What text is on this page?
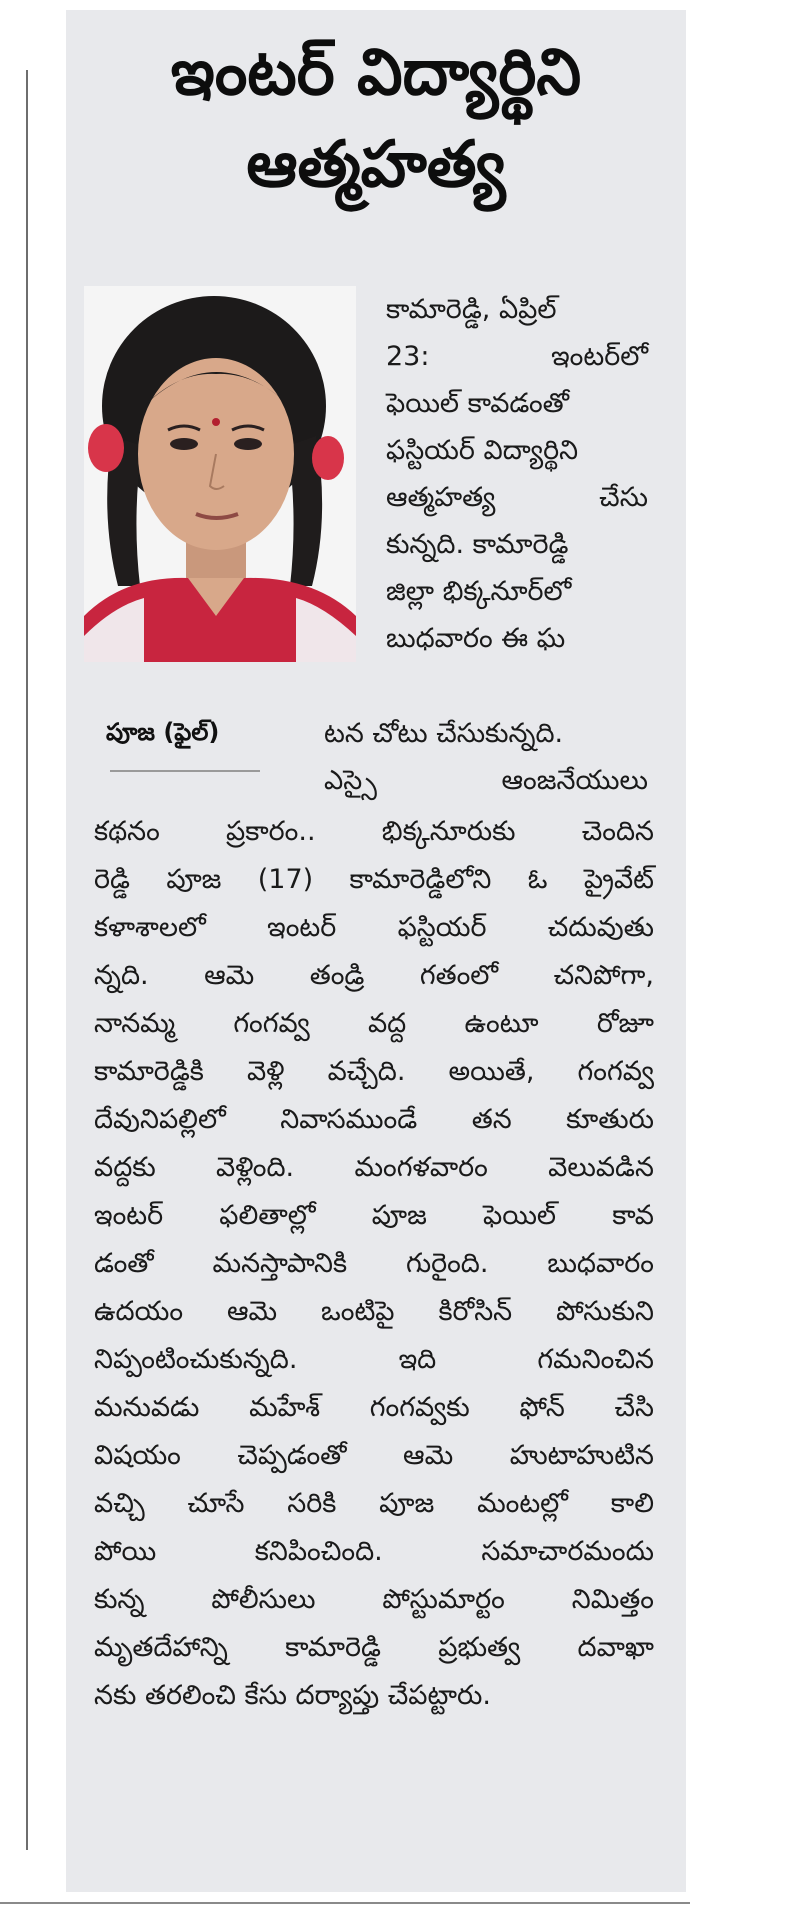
ఇంటర్ విద్యార్థిని
ఆత్మహత్య
పూజ (ఫైల్)
కామారెడ్డి, ఏప్రిల్
23: ఇంటర్‌లో
ఫెయిల్ కావడంతో
ఫస్టియర్ విద్యార్థిని
ఆత్మహత్య చేసు
కున్నది. కామారెడ్డి
జిల్లా భిక్కనూర్‌లో
బుధవారం ఈ ఘ
టన చోటు చేసుకున్నది.
ఎస్సై ఆంజనేయులు
కథనం ప్రకారం.. భిక్కనూరుకు చెందిన
రెడ్డి పూజ (17) కామారెడ్డిలోని ఓ ప్రైవేట్
కళాశాలలో ఇంటర్ ఫస్టియర్ చదువుతు
న్నది. ఆమె తండ్రి గతంలో చనిపోగా,
నానమ్మ గంగవ్వ వద్ద ఉంటూ రోజూ
కామారెడ్డికి వెళ్లి వచ్చేది. అయితే, గంగవ్వ
దేవునిపల్లిలో నివాసముండే తన కూతురు
వద్దకు వెళ్లింది. మంగళవారం వెలువడిన
ఇంటర్ ఫలితాల్లో పూజ ఫెయిల్ కావ
డంతో మనస్తాపానికి గురైంది. బుధవారం
ఉదయం ఆమె ఒంటిపై కిరోసిన్ పోసుకుని
నిప్పంటించుకున్నది. ఇది గమనించిన
మనువడు మహేశ్ గంగవ్వకు ఫోన్ చేసి
విషయం చెప్పడంతో ఆమె హుటాహుటిన
వచ్చి చూసే సరికి పూజ మంటల్లో కాలి
పోయి కనిపించింది. సమాచారమందు
కున్న పోలీసులు పోస్టుమార్టం నిమిత్తం
మృతదేహాన్ని కామారెడ్డి ప్రభుత్వ దవాఖా
నకు తరలించి కేసు దర్యాప్తు చేపట్టారు.
